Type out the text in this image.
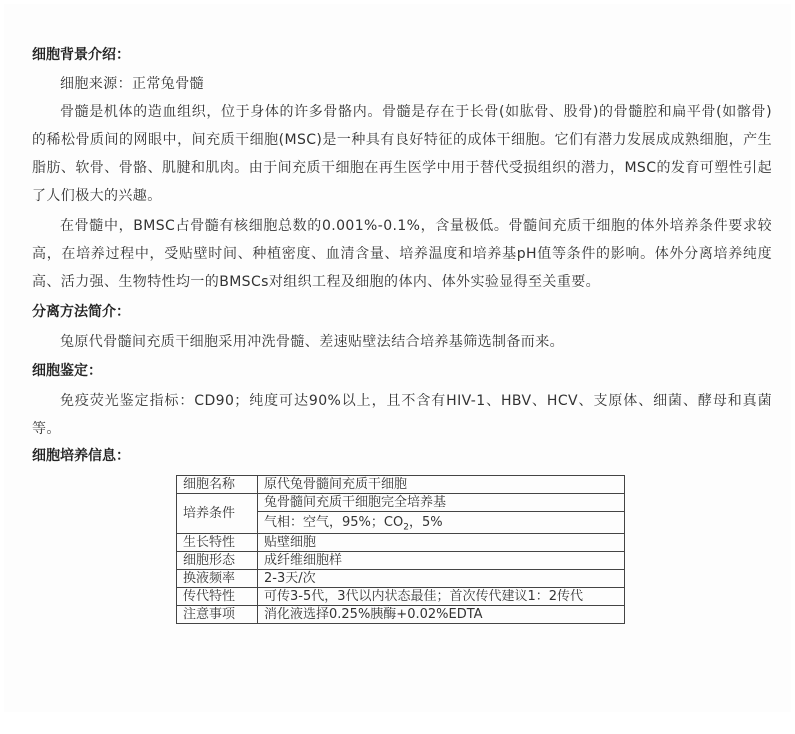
细胞背景介绍：

细胞来源：正常兔骨髓

骨髓是机体的造血组织，位于身体的许多骨骼内。骨髓是存在于长骨(如肱骨、股骨)的骨髓腔和扁平骨(如髂骨)的稀松骨质间的网眼中，间充质干细胞(MSC)是一种具有良好特征的成体干细胞。它们有潜力发展成成熟细胞，产生脂肪、软骨、骨骼、肌腱和肌肉。由于间充质干细胞在再生医学中用于替代受损组织的潜力，MSC的发育可塑性引起了人们极大的兴趣。

在骨髓中，BMSC占骨髓有核细胞总数的0.001%-0.1%，含量极低。骨髓间充质干细胞的体外培养条件要求较高，在培养过程中，受贴壁时间、种植密度、血清含量、培养温度和培养基pH值等条件的影响。体外分离培养纯度高、活力强、生物特性均一的BMSCs对组织工程及细胞的体内、体外实验显得至关重要。

分离方法简介：

兔原代骨髓间充质干细胞采用冲洗骨髓、差速贴壁法结合培养基筛选制备而来。

细胞鉴定：

免疫荧光鉴定指标：CD90；纯度可达90%以上，且不含有HIV-1、HBV、HCV、支原体、细菌、酵母和真菌等。

细胞培养信息：

细胞名称	原代兔骨髓间充质干细胞
培养条件	兔骨髓间充质干细胞完全培养基
	气相：空气，95%；$CO_2$，5%
生长特性	贴壁细胞
细胞形态	成纤维细胞样
换液频率	2-3天/次
传代特性	可传3-5代，3代以内状态最佳；首次传代建议1：2传代
注意事项	消化液选择0.25%胰酶+0.02%EDTA
